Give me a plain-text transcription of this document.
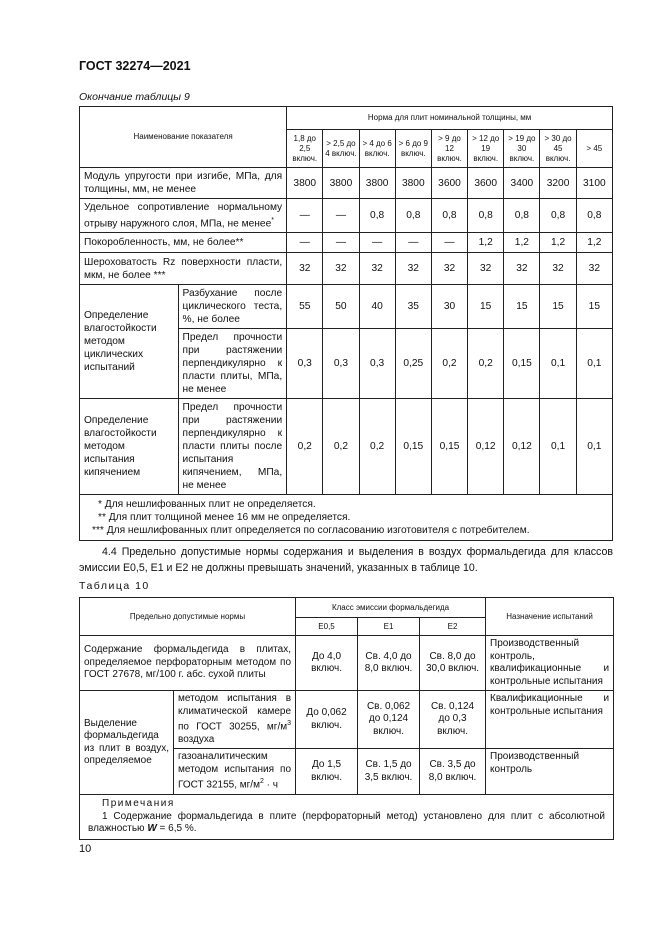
ГОСТ 32274—2021
Окончание таблицы 9
Наименование показателя		Норма для плит номинальной толщины, мм								
		1,8 до 2,5 включ.	> 2,5 до 4 включ.	> 4 до 6 включ.	> 6 до 9 включ.	> 9 до 12 включ.	> 12 до 19 включ.	> 19 до 30 включ.	> 30 до 45 включ.	> 45
Модуль упругости при изгибе, МПа, для толщины, мм, не менее		3800	3800	3800	3800	3600	3600	3400	3200	3100
Удельное сопротивление нормальному отрыву наружного слоя, МПа, не менее*		—	—	0,8	0,8	0,8	0,8	0,8	0,8	0,8
Покоробленность, мм, не более**		—	—	—	—	—	1,2	1,2	1,2	1,2
Шероховатость Rz поверхности пласти, мкм, не более ***		32	32	32	32	32	32	32	32	32
Определение влагостойкости методом циклических испытаний	Разбухание после циклического теста, %, не более	55	50	40	35	30	15	15	15	15
	Предел прочности при растяжении перпендикулярно к пласти плиты, МПа, не менее	0,3	0,3	0,3	0,25	0,2	0,2	0,15	0,1	0,1
Определение влагостойкости методом испытания кипячением	Предел прочности при растяжении перпендикулярно к пласти плиты после испытания кипячением, МПа, не менее	0,2	0,2	0,2	0,15	0,15	0,12	0,12	0,1	0,1

* Для нешлифованных плит не определяется.
** Для плит толщиной менее 16 мм не определяется.
*** Для нешлифованных плит определяется по согласованию изготовителя с потребителем.										
4.4 Предельно допустимые нормы содержания и выделения в воздух формальдегида для классов эмиссии Е0,5, Е1 и Е2 не должны превышать значений, указанных в таблице 10.
Таблица 10
Предельно допустимые нормы		Класс эмиссии формальдегида			Назначение испытаний
		Е0,5	Е1	Е2	
Содержание формальдегида в плитах, определяемое перфораторным методом по ГОСТ 27678, мг/100 г. абс. сухой плиты		До 4,0 включ.	Св. 4,0 до 8,0 включ.	Св. 8,0 до 30,0 включ.	Производственный контроль, квалификационные и контрольные испытания
Выделение формальдегида из плит в воздух, определяемое	методом испытания в климатической камере по ГОСТ 30255, $мг/м^3$ воздуха	До 0,062 включ.	Св. 0,062 до 0,124 включ.	Св. 0,124 до 0,3 включ.	Квалификационные и контрольные испытания
	газоаналитическим методом испытания по ГОСТ 32155, $мг/м^2 \cdot ч$	До 1,5 включ.	Св. 1,5 до 3,5 включ.	Св. 3,5 до 8,0 включ.	Производственный контроль

Примечания
1 Содержание формальдегида в плите (перфораторный метод) установлено для плит с абсолютной влажностью W = 6,5 %.					
10
